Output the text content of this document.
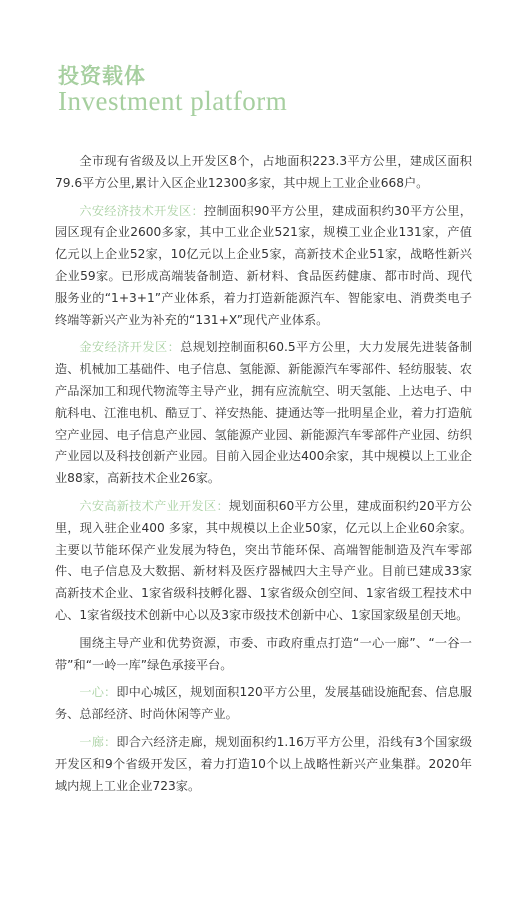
投资载体
Investment platform

全市现有省级及以上开发区8个，占地面积223.3平方公里，建成区面积79.6平方公里,累计入区企业12300多家，其中规上工业企业668户。

六安经济技术开发区：控制面积90平方公里，建成面积约30平方公里，园区现有企业2600多家，其中工业企业521家，规模工业企业131家，产值亿元以上企业52家，10亿元以上企业5家，高新技术企业51家，战略性新兴企业59家。已形成高端装备制造、新材料、食品医药健康、都市时尚、现代服务业的“1+3+1”产业体系，着力打造新能源汽车、智能家电、消费类电子终端等新兴产业为补充的“131+X”现代产业体系。

金安经济开发区：总规划控制面积60.5平方公里，大力发展先进装备制造、机械加工基础件、电子信息、氢能源、新能源汽车零部件、轻纺服装、农产品深加工和现代物流等主导产业，拥有应流航空、明天氢能、上达电子、中航科电、江淮电机、酷豆丁、祥安热能、捷通达等一批明星企业，着力打造航空产业园、电子信息产业园、氢能源产业园、新能源汽车零部件产业园、纺织产业园以及科技创新产业园。目前入园企业达400余家，其中规模以上工业企业88家，高新技术企业26家。

六安高新技术产业开发区：规划面积60平方公里，建成面积约20平方公里，现入驻企业400 多家，其中规模以上企业50家，亿元以上企业60余家。主要以节能环保产业发展为特色，突出节能环保、高端智能制造及汽车零部件、电子信息及大数据、新材料及医疗器械四大主导产业。目前已建成33家高新技术企业、1家省级科技孵化器、1家省级众创空间、1家省级工程技术中心、1家省级技术创新中心以及3家市级技术创新中心、1家国家级星创天地。

围绕主导产业和优势资源，市委、市政府重点打造“一心一廊”、“一谷一带”和“一岭一库”绿色承接平台。

一心：即中心城区，规划面积120平方公里，发展基础设施配套、信息服务、总部经济、时尚休闲等产业。

一廊：即合六经济走廊，规划面积约1.16万平方公里，沿线有3个国家级开发区和9个省级开发区，着力打造10个以上战略性新兴产业集群。2020年域内规上工业企业723家。
